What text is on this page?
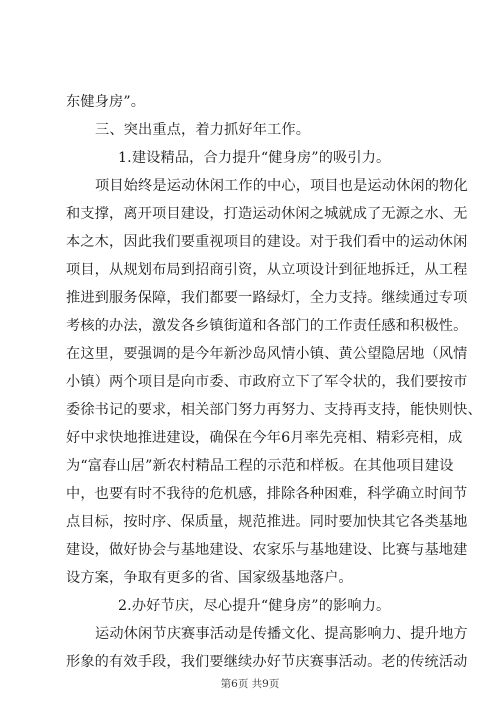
东健身房”。
三、突出重点，着力抓好年工作。
1.建设精品，合力提升“健身房”的吸引力。
项目始终是运动休闲工作的中心，项目也是运动休闲的物化
和支撑，离开项目建设，打造运动休闲之城就成了无源之水、无
本之木，因此我们要重视项目的建设。对于我们看中的运动休闲
项目，从规划布局到招商引资，从立项设计到征地拆迁，从工程
推进到服务保障，我们都要一路绿灯，全力支持。继续通过专项
考核的办法，激发各乡镇街道和各部门的工作责任感和积极性。
在这里，要强调的是今年新沙岛风情小镇、黄公望隐居地（风情
小镇）两个项目是向市委、市政府立下了军令状的，我们要按市
委徐书记的要求，相关部门努力再努力、支持再支持，能快则快、
好中求快地推进建设，确保在今年6月率先亮相、精彩亮相，成
为“富春山居”新农村精品工程的示范和样板。在其他项目建设
中，也要有时不我待的危机感，排除各种困难，科学确立时间节
点目标，按时序、保质量，规范推进。同时要加快其它各类基地
建设，做好协会与基地建设、农家乐与基地建设、比赛与基地建
设方案，争取有更多的省、国家级基地落户。
2.办好节庆，尽心提升“健身房”的影响力。
运动休闲节庆赛事活动是传播文化、提高影响力、提升地方
形象的有效手段，我们要继续办好节庆赛事活动。老的传统活动
第6页 共9页
